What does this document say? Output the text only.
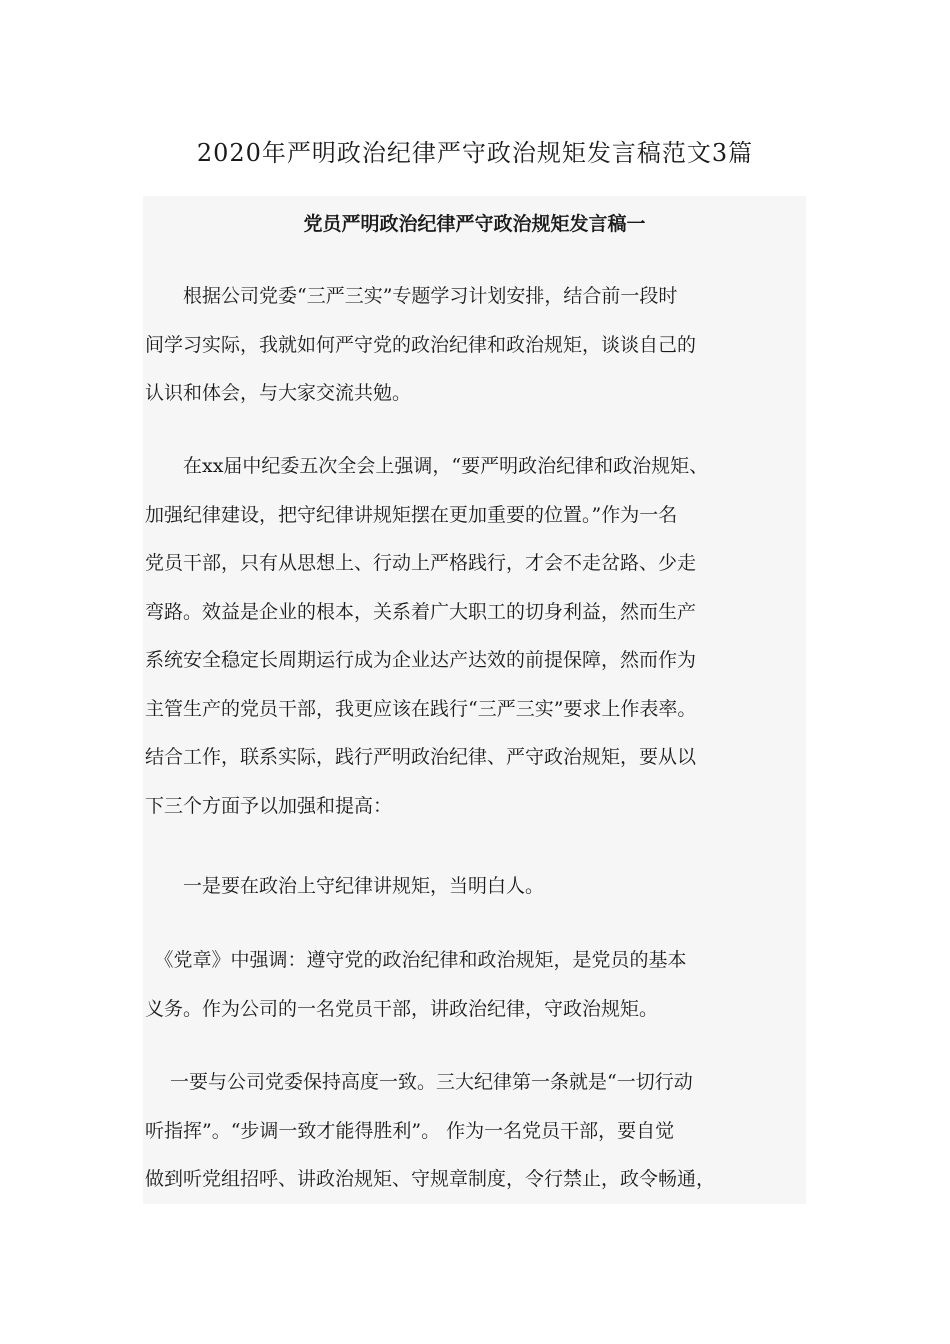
2020年严明政治纪律严守政治规矩发言稿范文3篇
党员严明政治纪律严守政治规矩发言稿一

　　根据公司党委“三严三实”专题学习计划安排，结合前一段时
间学习实际，我就如何严守党的政治纪律和政治规矩，谈谈自己的
认识和体会，与大家交流共勉。

　　在xx届中纪委五次全会上强调，“要严明政治纪律和政治规矩、
加强纪律建设，把守纪律讲规矩摆在更加重要的位置。”作为一名
党员干部，只有从思想上、行动上严格践行，才会不走岔路、少走
弯路。效益是企业的根本，关系着广大职工的切身利益，然而生产
系统安全稳定长周期运行成为企业达产达效的前提保障，然而作为
主管生产的党员干部，我更应该在践行“三严三实”要求上作表率。
结合工作，联系实际，践行严明政治纪律、严守政治规矩，要从以
下三个方面予以加强和提高：

　　一是要在政治上守纪律讲规矩，当明白人。

　《党章》中强调：遵守党的政治纪律和政治规矩，是党员的基本
义务。作为公司的一名党员干部，讲政治纪律，守政治规矩。

　 一要与公司党委保持高度一致。三大纪律第一条就是“一切行动
听指挥”。“步调一致才能得胜利”。 作为一名党员干部，要自觉
做到听党组招呼、讲政治规矩、守规章制度，令行禁止，政令畅通，
